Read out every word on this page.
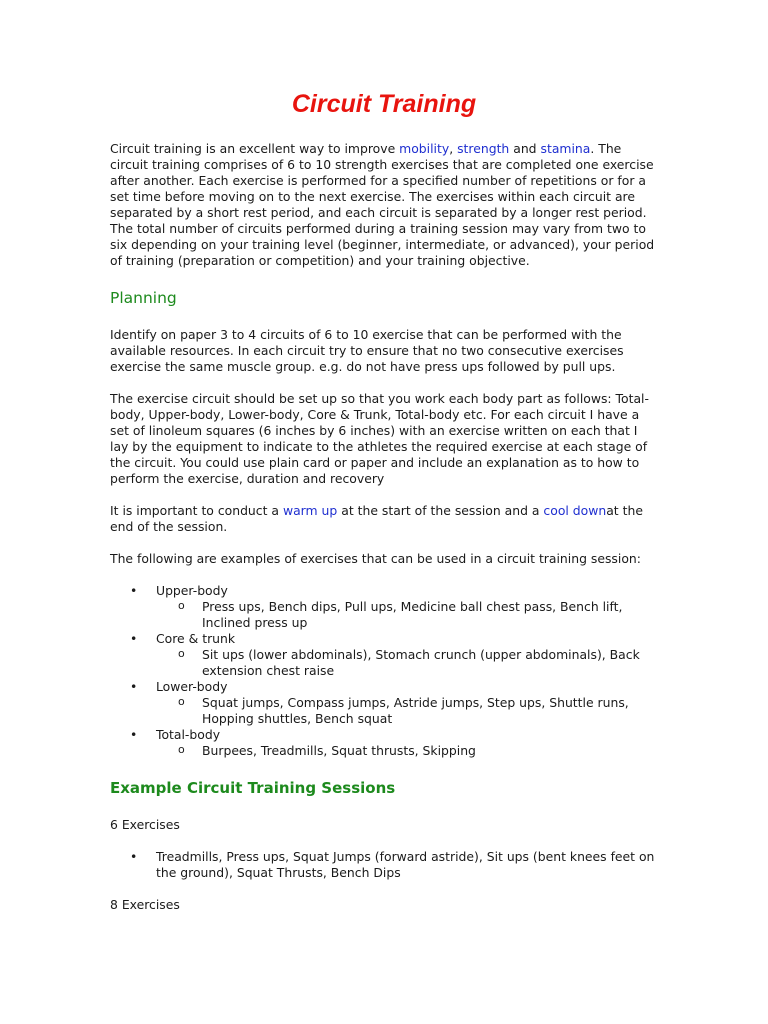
Circuit Training

Circuit training is an excellent way to improve mobility, strength and stamina. The circuit training comprises of 6 to 10 strength exercises that are completed one exercise after another. Each exercise is performed for a specified number of repetitions or for a set time before moving on to the next exercise. The exercises within each circuit are separated by a short rest period, and each circuit is separated by a longer rest period. The total number of circuits performed during a training session may vary from two to six depending on your training level (beginner, intermediate, or advanced), your period of training (preparation or competition) and your training objective.

Planning

Identify on paper 3 to 4 circuits of 6 to 10 exercise that can be performed with the available resources. In each circuit try to ensure that no two consecutive exercises exercise the same muscle group. e.g. do not have press ups followed by pull ups.

The exercise circuit should be set up so that you work each body part as follows: Total-body, Upper-body, Lower-body, Core & Trunk, Total-body etc. For each circuit I have a set of linoleum squares (6 inches by 6 inches) with an exercise written on each that I lay by the equipment to indicate to the athletes the required exercise at each stage of the circuit. You could use plain card or paper and include an explanation as to how to perform the exercise, duration and recovery

It is important to conduct a warm up at the start of the session and a cool downat the end of the session.

The following are examples of exercises that can be used in a circuit training session:

• Upper-body
o Press ups, Bench dips, Pull ups, Medicine ball chest pass, Bench lift, Inclined press up
• Core & trunk
o Sit ups (lower abdominals), Stomach crunch (upper abdominals), Back extension chest raise
• Lower-body
o Squat jumps, Compass jumps, Astride jumps, Step ups, Shuttle runs, Hopping shuttles, Bench squat
• Total-body
o Burpees, Treadmills, Squat thrusts, Skipping
Example Circuit Training Sessions

6 Exercises

• Treadmills, Press ups, Squat Jumps (forward astride), Sit ups (bent knees feet on the ground), Squat Thrusts, Bench Dips

8 Exercises
